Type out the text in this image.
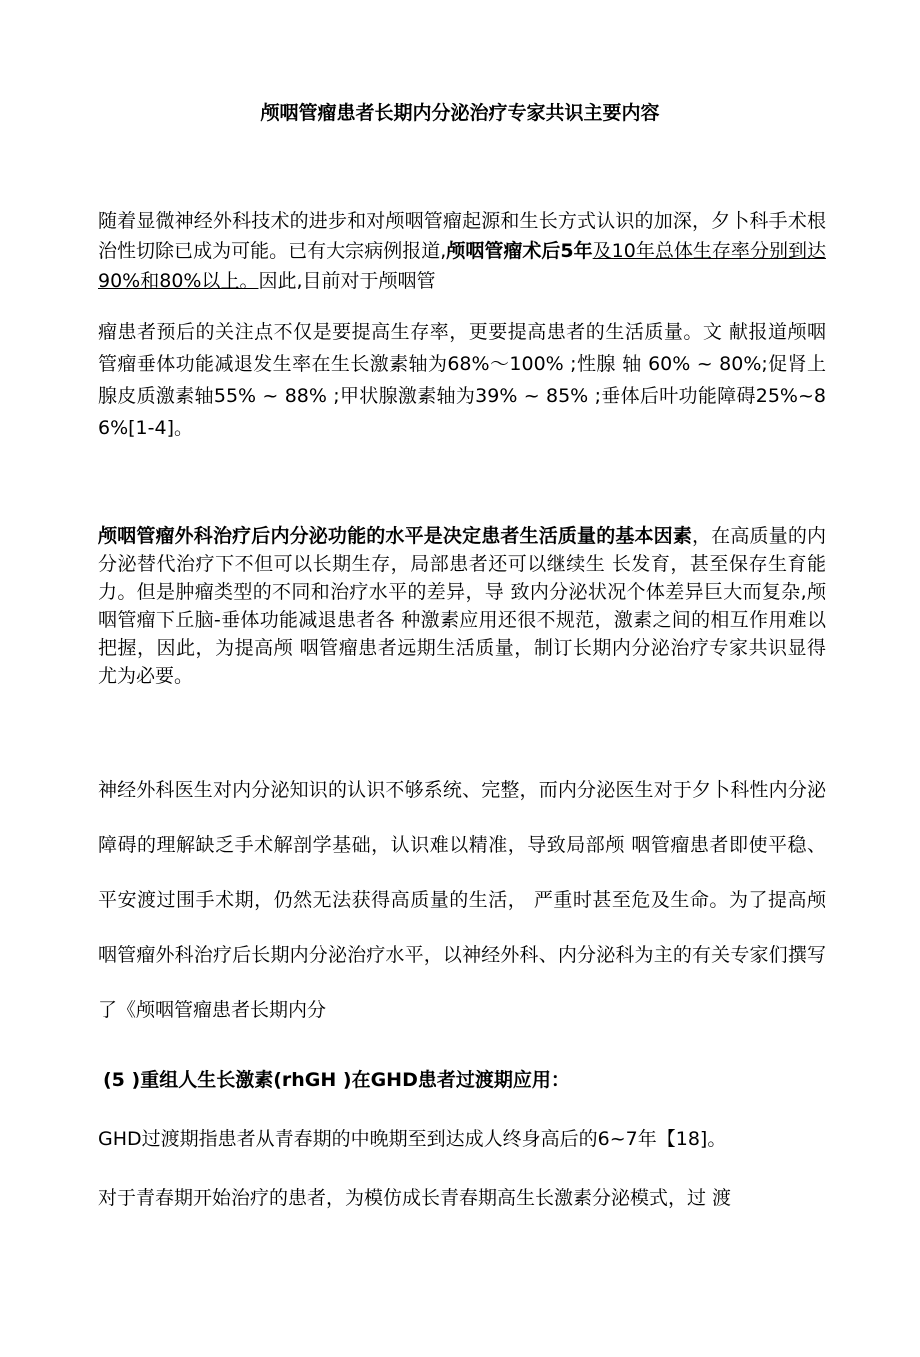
颅咽管瘤患者长期内分泌治疗专家共识主要内容

随着显微神经外科技术的进步和对颅咽管瘤起源和生长方式认识的加深，夕卜科手术根治性切除已成为可能。已有大宗病例报道,颅咽管瘤术后5年及10年总体生存率分别到达90%和80%以上。因此,目前对于颅咽管

瘤患者预后的关注点不仅是要提高生存率，更要提高患者的生活质量。文 献报道颅咽管瘤垂体功能减退发生率在生长激素轴为68%〜100% ;性腺 轴 60% ~ 80%;促肾上腺皮质激素轴55% ~ 88% ;甲状腺激素轴为39% ~ 85% ;垂体后叶功能障碍25%~86%[1-4]。

颅咽管瘤外科治疗后内分泌功能的水平是决定患者生活质量的基本因素，在高质量的内分泌替代治疗下不但可以长期生存，局部患者还可以继续生 长发育，甚至保存生育能力。但是肿瘤类型的不同和治疗水平的差异，导 致内分泌状况个体差异巨大而复杂,颅咽管瘤下丘脑-垂体功能减退患者各 种激素应用还很不规范，激素之间的相互作用难以把握，因此，为提高颅 咽管瘤患者远期生活质量，制订长期内分泌治疗专家共识显得尤为必要。

神经外科医生对内分泌知识的认识不够系统、完整，而内分泌医生对于夕卜科性内分泌障碍的理解缺乏手术解剖学基础，认识难以精准，导致局部颅 咽管瘤患者即使平稳、平安渡过围手术期，仍然无法获得高质量的生活， 严重时甚至危及生命。为了提高颅咽管瘤外科治疗后长期内分泌治疗水平，以神经外科、内分泌科为主的有关专家们撰写了《颅咽管瘤患者长期内分

(5 )重组人生长激素(rhGH )在GHD患者过渡期应用：

GHD过渡期指患者从青春期的中晚期至到达成人终身高后的6~7年【18]。

对于青春期开始治疗的患者，为模仿成长青春期高生长激素分泌模式，过 渡
